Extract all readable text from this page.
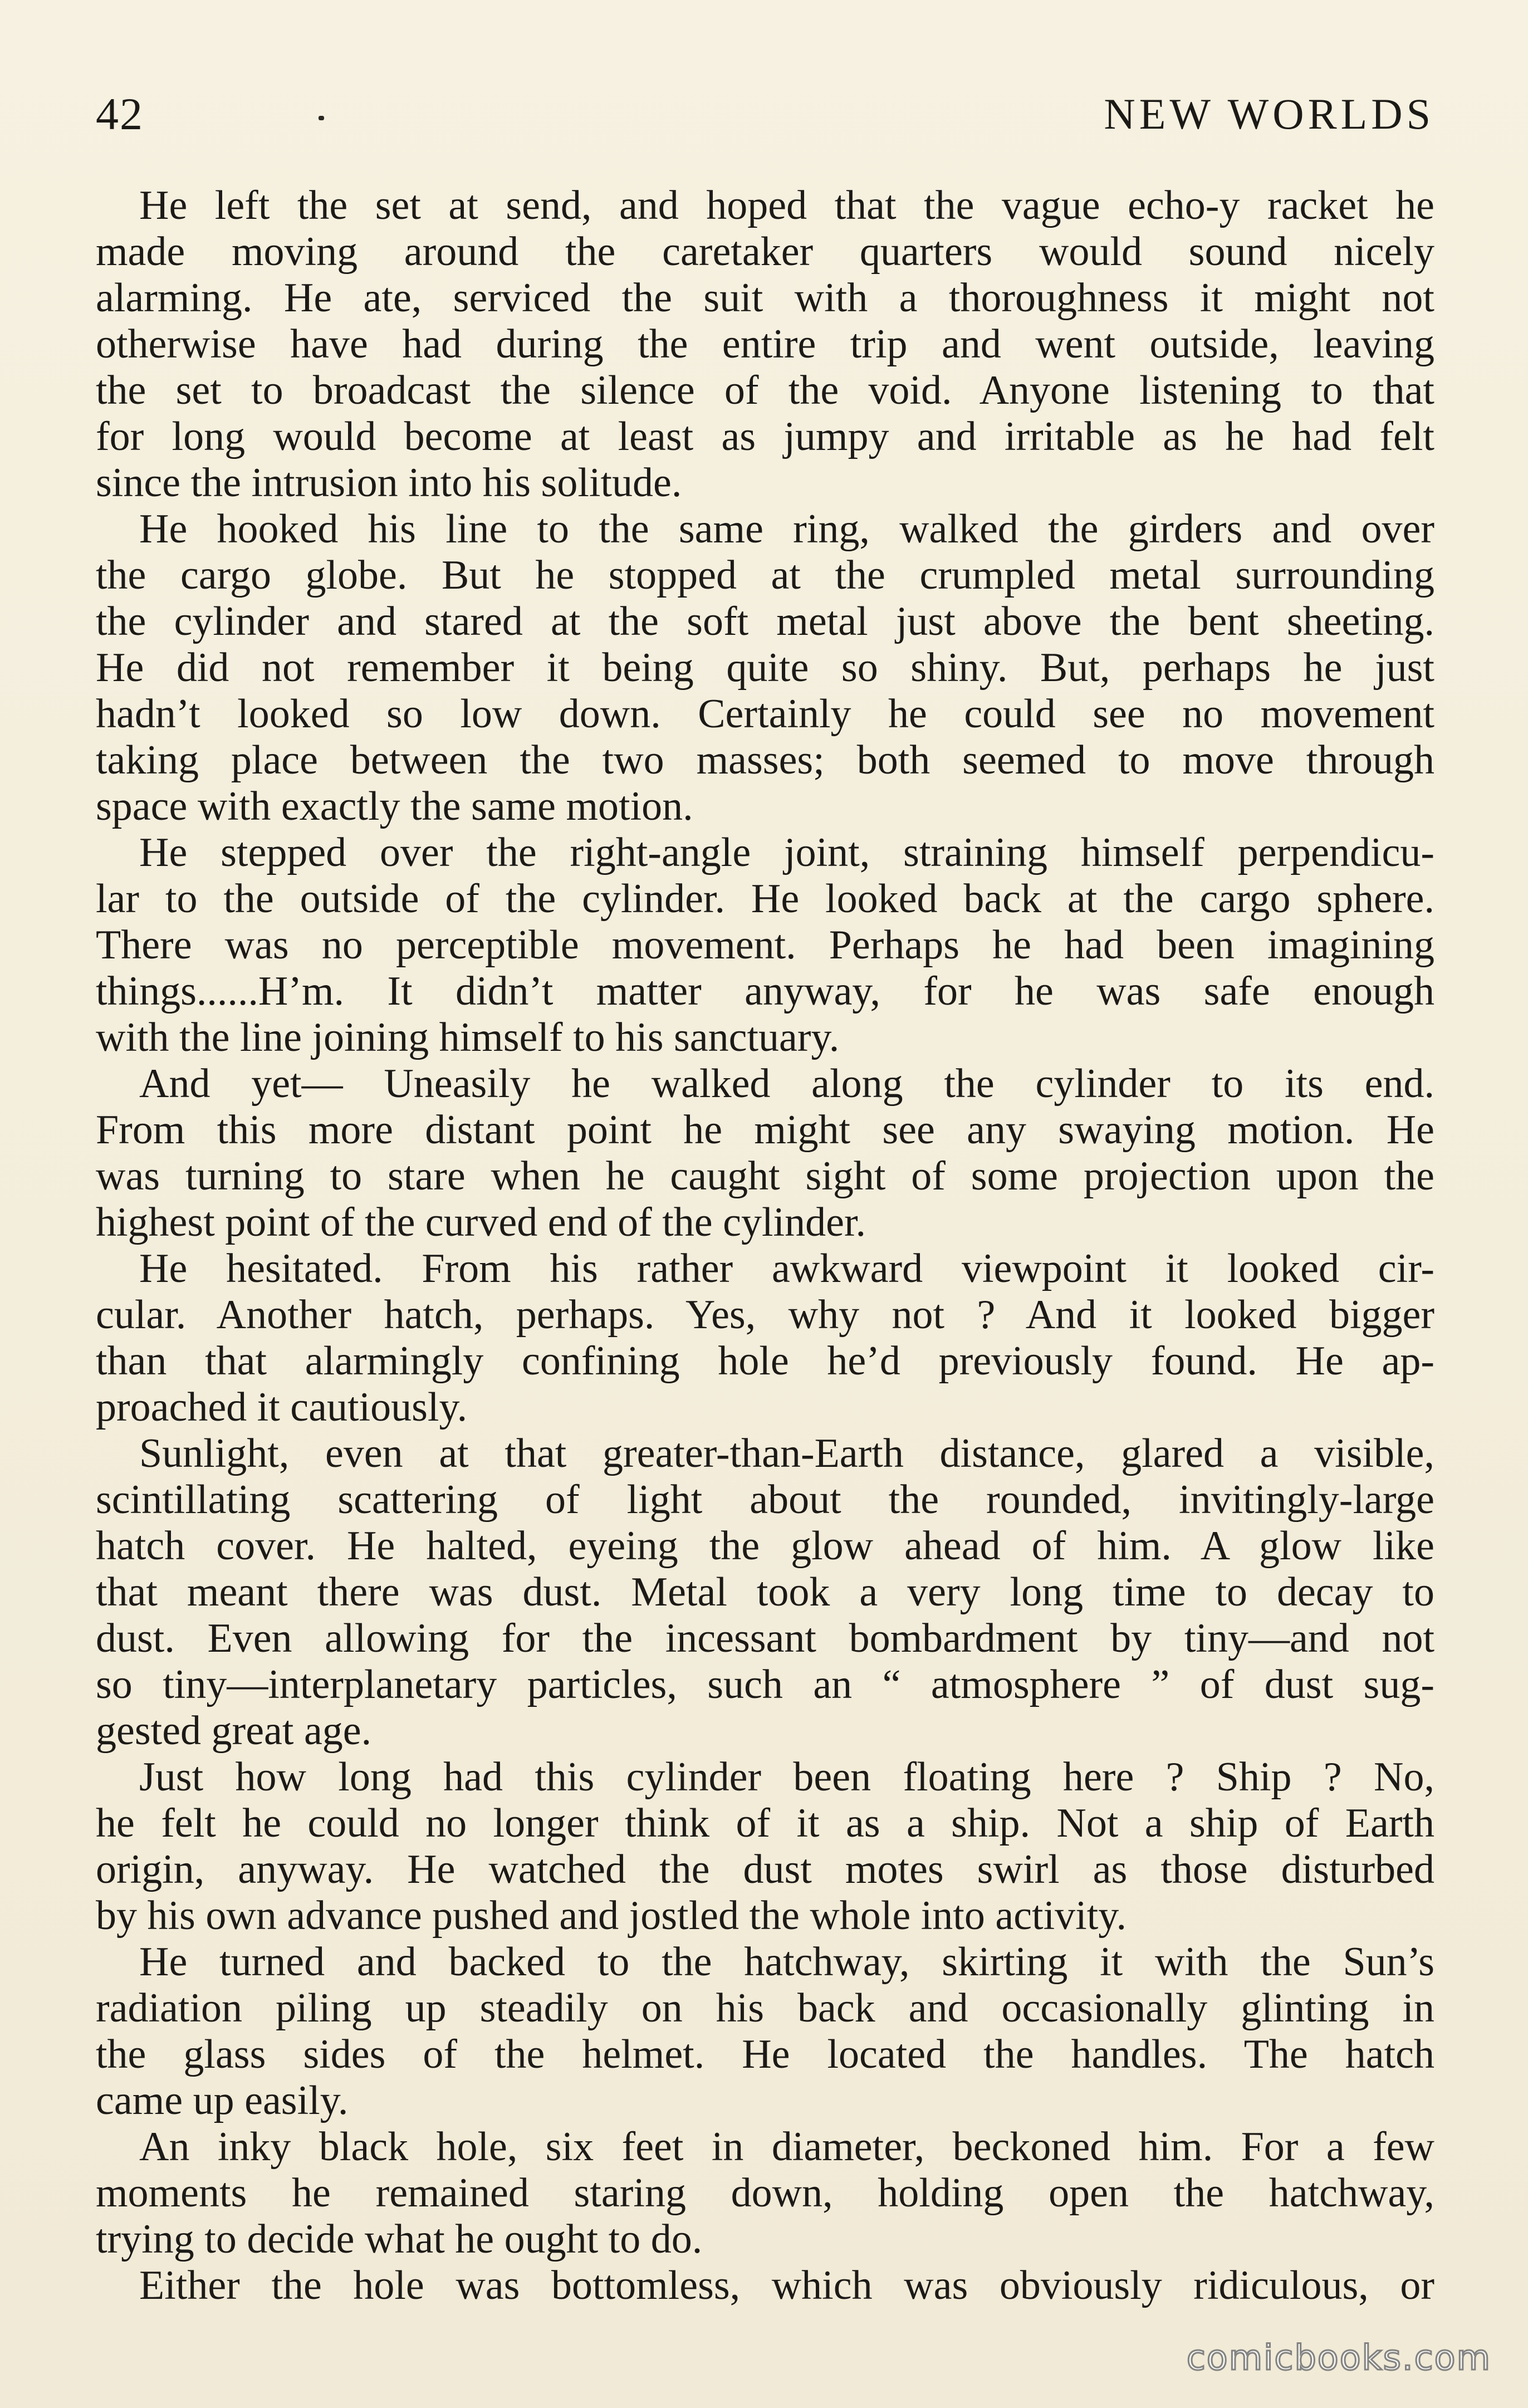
42	NEW WORLDS
He left the set at send, and hoped that the vague echo-y racket he
made moving around the caretaker quarters would sound nicely
alarming. He ate, serviced the suit with a thoroughness it might not
otherwise have had during the entire trip and went outside, leaving
the set to broadcast the silence of the void. Anyone listening to that
for long would become at least as jumpy and irritable as he had felt
since the intrusion into his solitude.
He hooked his line to the same ring, walked the girders and over
the cargo globe. But he stopped at the crumpled metal surrounding
the cylinder and stared at the soft metal just above the bent sheeting.
He did not remember it being quite so shiny. But, perhaps he just
hadn’t looked so low down. Certainly he could see no movement
taking place between the two masses; both seemed to move through
space with exactly the same motion.
He stepped over the right-angle joint, straining himself perpendicu-
lar to the outside of the cylinder. He looked back at the cargo sphere.
There was no perceptible movement. Perhaps he had been imagining
things......H’m. It didn’t matter anyway, for he was safe enough
with the line joining himself to his sanctuary.
And yet— Uneasily he walked along the cylinder to its end.
From this more distant point he might see any swaying motion. He
was turning to stare when he caught sight of some projection upon the
highest point of the curved end of the cylinder.
He hesitated. From his rather awkward viewpoint it looked cir-
cular. Another hatch, perhaps. Yes, why not ? And it looked bigger
than that alarmingly confining hole he’d previously found. He ap-
proached it cautiously.
Sunlight, even at that greater-than-Earth distance, glared a visible,
scintillating scattering of light about the rounded, invitingly-large
hatch cover. He halted, eyeing the glow ahead of him. A glow like
that meant there was dust. Metal took a very long time to decay to
dust. Even allowing for the incessant bombardment by tiny—and not
so tiny—interplanetary particles, such an “ atmosphere ” of dust sug-
gested great age.
Just how long had this cylinder been floating here ? Ship ? No,
he felt he could no longer think of it as a ship. Not a ship of Earth
origin, anyway. He watched the dust motes swirl as those disturbed
by his own advance pushed and jostled the whole into activity.
He turned and backed to the hatchway, skirting it with the Sun’s
radiation piling up steadily on his back and occasionally glinting in
the glass sides of the helmet. He located the handles. The hatch
came up easily.
An inky black hole, six feet in diameter, beckoned him. For a few
moments he remained staring down, holding open the hatchway,
trying to decide what he ought to do.
Either the hole was bottomless, which was obviously ridiculous, or
comicbooks.com
